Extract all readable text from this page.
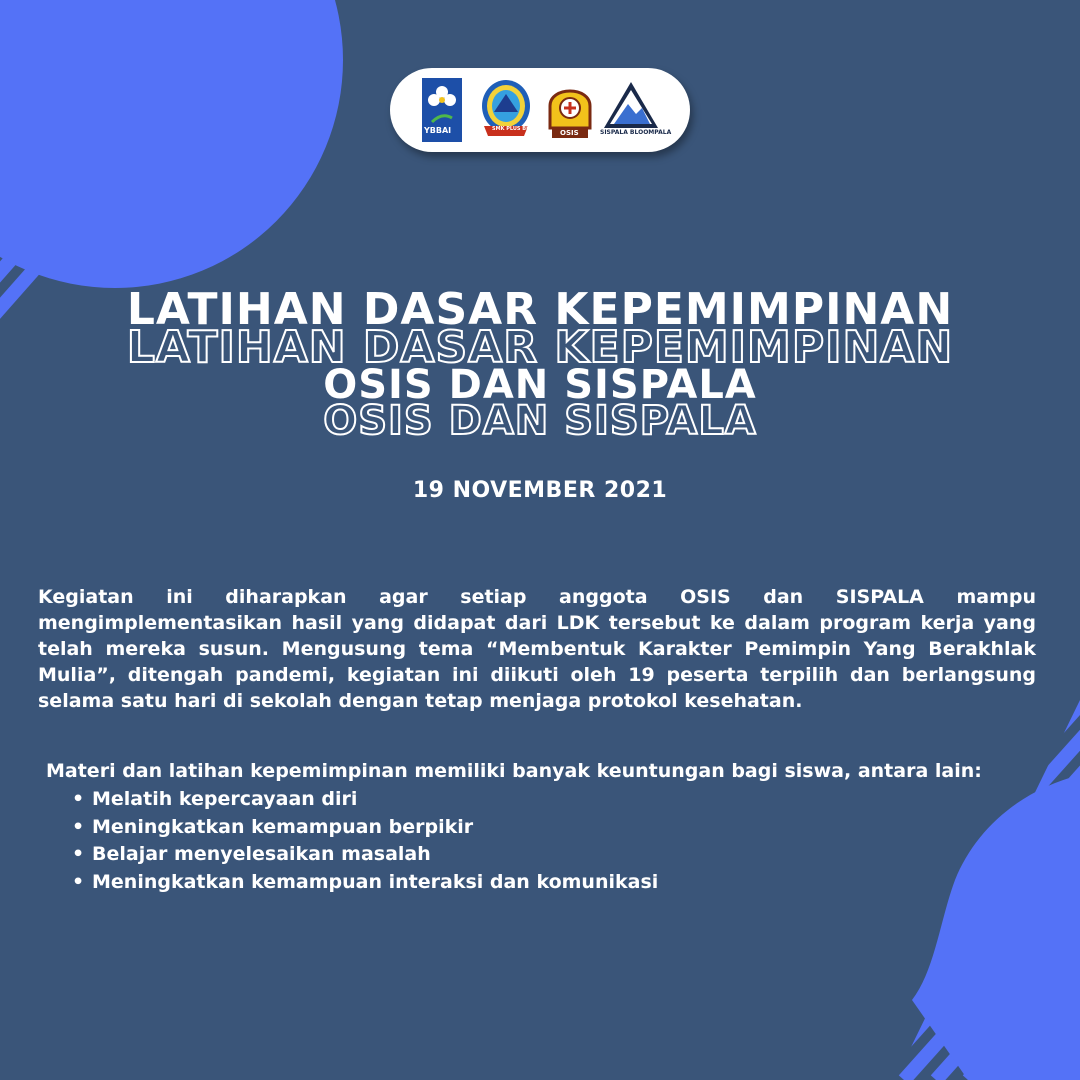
YBBAI	SMK PLUS BLB	OSIS	SISPALA BLOOMPALA
LATIHAN DASAR KEPEMIMPINAN
LATIHAN DASAR KEPEMIMPINAN
OSIS DAN SISPALA
OSIS DAN SISPALA
19 NOVEMBER 2021

Kegiatan ini diharapkan agar setiap anggota OSIS dan SISPALA mampu mengimplementasikan hasil yang didapat dari LDK tersebut ke dalam program kerja yang telah mereka susun. Mengusung tema “Membentuk Karakter Pemimpin Yang Berakhlak Mulia”, ditengah pandemi, kegiatan ini diikuti oleh 19 peserta terpilih dan berlangsung selama satu hari di sekolah dengan tetap menjaga protokol kesehatan.

Materi dan latihan kepemimpinan memiliki banyak keuntungan bagi siswa, antara lain:

• Melatih kepercayaan diri
• Meningkatkan kemampuan berpikir
• Belajar menyelesaikan masalah
• Meningkatkan kemampuan interaksi dan komunikasi
